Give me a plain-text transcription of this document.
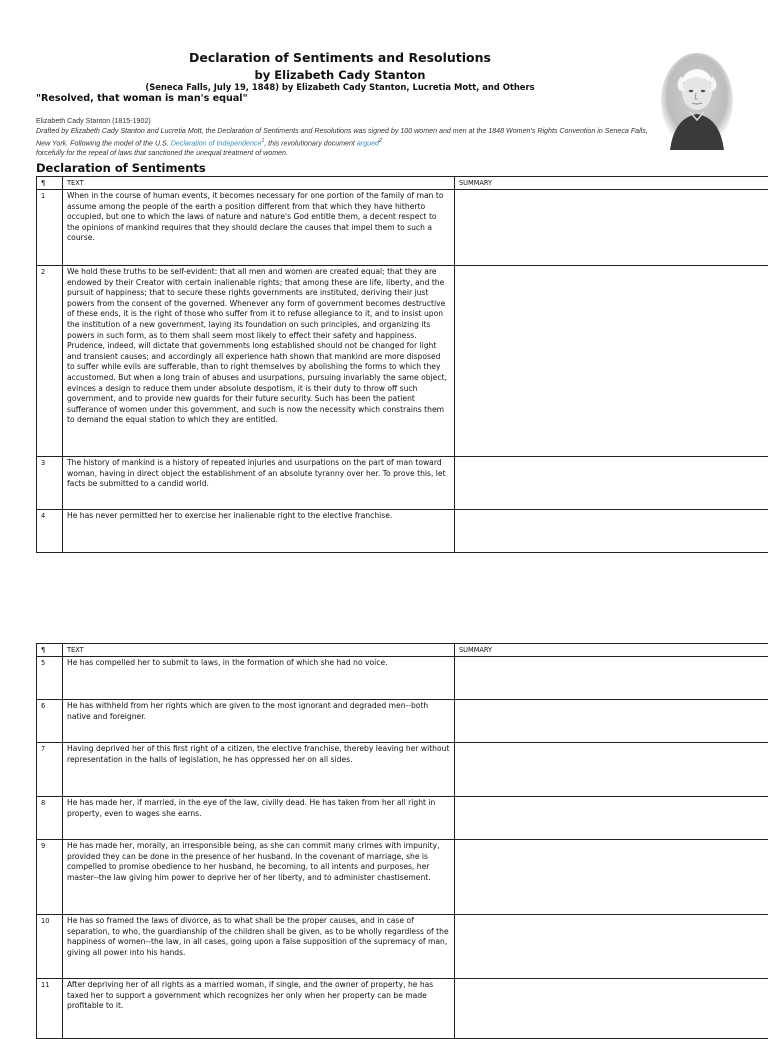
Declaration of Sentiments and Resolutions
by Elizabeth Cady Stanton
(Seneca Falls, July 19, 1848) by Elizabeth Cady Stanton, Lucretia Mott, and Others
"Resolved, that woman is man's equal"
Elizabeth Cady Stanton (1815-1902)
Drafted by Elizabeth Cady Stanton and Lucretia Mott, the Declaration of Sentiments and Resolutions was signed by 100 women and men at the 1848 Women's Rights Convention in Seneca Falls, New York. Following the model of the U.S. Declaration of Independence$^1$, this revolutionary document argued$^2$
forcefully for the repeal of laws that sanctioned the unequal treatment of women.
Declaration of Sentiments
¶	TEXT	SUMMARY
1	When in the course of human events, it becomes necessary for one portion of the family of man to assume among the people of the earth a position different from that which they have hitherto occupied, but one to which the laws of nature and nature's God entitle them, a decent respect to the opinions of mankind requires that they should declare the causes that impel them to such a course.	
2	We hold these truths to be self-evident: that all men and women are created equal; that they are endowed by their Creator with certain inalienable rights; that among these are life, liberty, and the pursuit of happiness; that to secure these rights governments are instituted, deriving their just powers from the consent of the governed. Whenever any form of government becomes destructive of these ends, it is the right of those who suffer from it to refuse allegiance to it, and to insist upon the institution of a new government, laying its foundation on such principles, and organizing its powers in such form, as to them shall seem most likely to effect their safety and happiness. Prudence, indeed, will dictate that governments long established should not be changed for light and transient causes; and accordingly all experience hath shown that mankind are more disposed to suffer while evils are sufferable, than to right themselves by abolishing the forms to which they accustomed. But when a long train of abuses and usurpations, pursuing invariably the same object, evinces a design to reduce them under absolute despotism, it is their duty to throw off such government, and to provide new guards for their future security. Such has been the patient sufferance of women under this government, and such is now the necessity which constrains them to demand the equal station to which they are entitled.	
3	The history of mankind is a history of repeated injuries and usurpations on the part of man toward woman, having in direct object the establishment of an absolute tyranny over her. To prove this, let facts be submitted to a candid world.	
4	He has never permitted her to exercise her inalienable right to the elective franchise.	
¶	TEXT	SUMMARY
5	He has compelled her to submit to laws, in the formation of which she had no voice.	
6	He has withheld from her rights which are given to the most ignorant and degraded men--both native and foreigner.	
7	Having deprived her of this first right of a citizen, the elective franchise, thereby leaving her without representation in the halls of legislation, he has oppressed her on all sides.	
8	He has made her, if married, in the eye of the law, civilly dead. He has taken from her all right in property, even to wages she earns.	
9	He has made her, morally, an irresponsible being, as she can commit many crimes with impunity, provided they can be done in the presence of her husband. In the covenant of marriage, she is compelled to promise obedience to her husband, he becoming, to all intents and purposes, her master--the law giving him power to deprive her of her liberty, and to administer chastisement.	
10	He has so framed the laws of divorce, as to what shall be the proper causes, and in case of separation, to who, the guardianship of the children shall be given, as to be wholly regardless of the happiness of women--the law, in all cases, going upon a false supposition of the supremacy of man, giving all power into his hands.	
11	After depriving her of all rights as a married woman, if single, and the owner of property, he has taxed her to support a government which recognizes her only when her property can be made profitable to it.	
